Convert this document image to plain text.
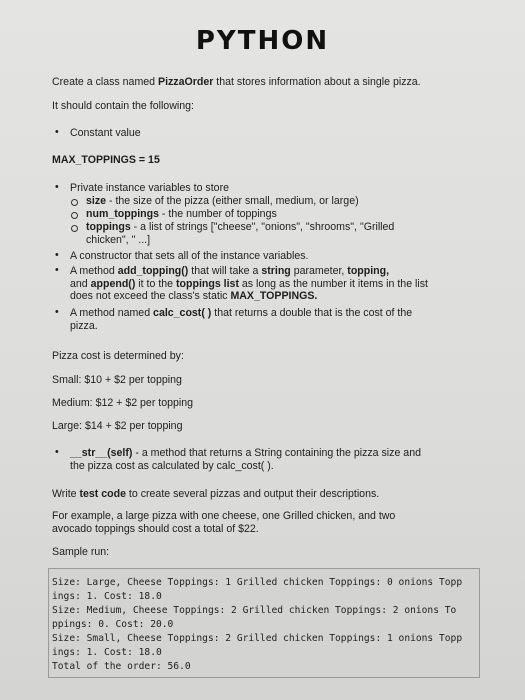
PYTHON
Create a class named PizzaOrder that stores information about a single pizza.
It should contain the following:
• Constant value
MAX_TOPPINGS = 15
• Private instance variables to store
size - the size of the pizza (either small, medium, or large)
num_toppings - the number of toppings
toppings - a list of strings ["cheese", "onions", "shrooms", "Grilled
chicken", " ...]
• A constructor that sets all of the instance variables.
• A method add_topping() that will take a string parameter, topping,
and append() it to the toppings list as long as the number it items in the list
does not exceed the class's static MAX_TOPPINGS.
• A method named calc_cost( ) that returns a double that is the cost of the
pizza.
Pizza cost is determined by:
Small: $10 + $2 per topping
Medium: $12 + $2 per topping
Large: $14 + $2 per topping
• __str__(self) - a method that returns a String containing the pizza size and
the pizza cost as calculated by calc_cost( ).
Write test code to create several pizzas and output their descriptions.
For example, a large pizza with one cheese, one Grilled chicken, and two
avocado toppings should cost a total of $22.
Sample run:
Size: Large, Cheese Toppings: 1 Grilled chicken Toppings: 0 onions Topp
ings: 1. Cost: 18.0
Size: Medium, Cheese Toppings: 2 Grilled chicken Toppings: 2 onions To
ppings: 0. Cost: 20.0
Size: Small, Cheese Toppings: 2 Grilled chicken Toppings: 1 onions Topp
ings: 1. Cost: 18.0
Total of the order: 56.0
